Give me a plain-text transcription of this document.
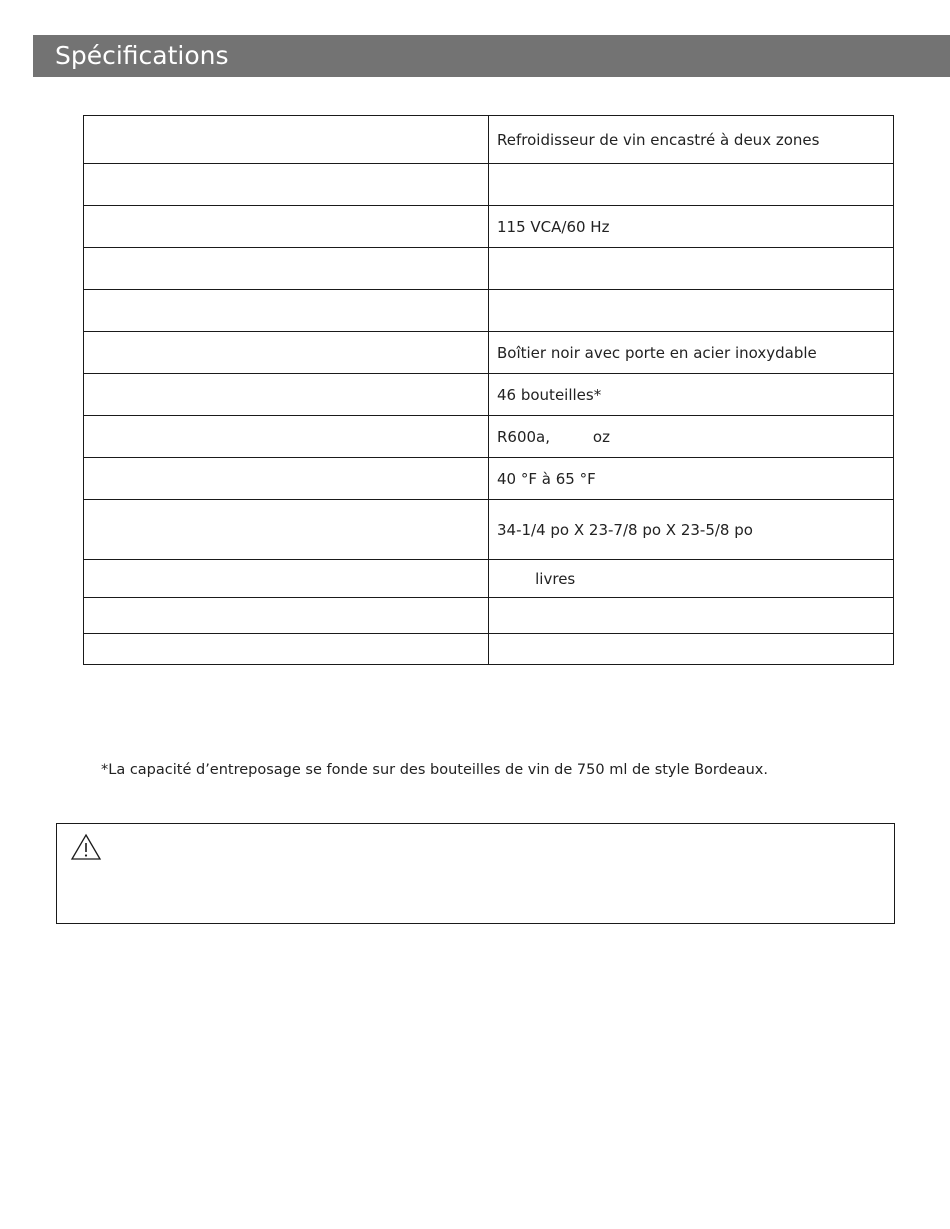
Spécifications
	Refroidisseur de vin encastré à deux zones

	115 VCA/60 Hz

	Boîtier noir avec porte en acier inoxydable
	46 bouteilles*
	R600a,         oz
	40 °F à 65 °F
	34-1/4 po X 23-7/8 po X 23-5/8 po
	livres

*La capacité d’entreposage se fonde sur des bouteilles de vin de 750 ml de style Bordeaux.
